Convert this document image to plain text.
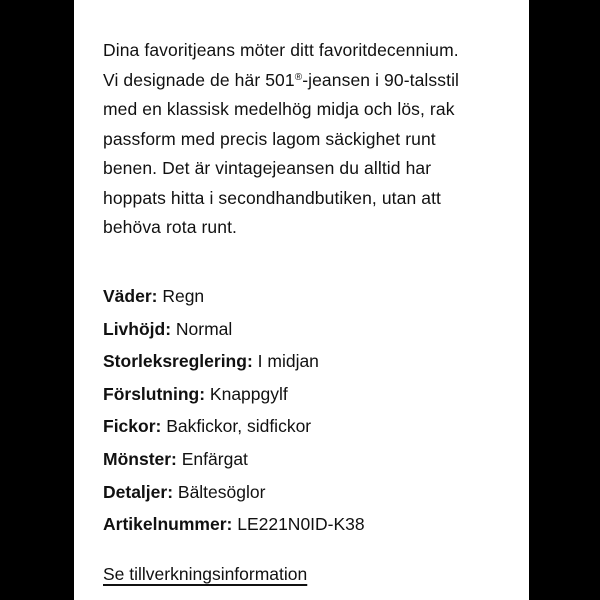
Dina favoritjeans möter ditt favoritdecennium.
Vi designade de här 501®-jeansen i 90-talsstil
med en klassisk medelhög midja och lös, rak
passform med precis lagom säckighet runt
benen. Det är vintagejeansen du alltid har
hoppats hitta i secondhandbutiken, utan att
behöva rota runt.

Väder: Regn
Livhöjd: Normal
Storleksreglering: I midjan
Förslutning: Knappgylf
Fickor: Bakfickor, sidfickor
Mönster: Enfärgat
Detaljer: Bältesöglor
Artikelnummer: LE221N0ID-K38
Se tillverkningsinformation
